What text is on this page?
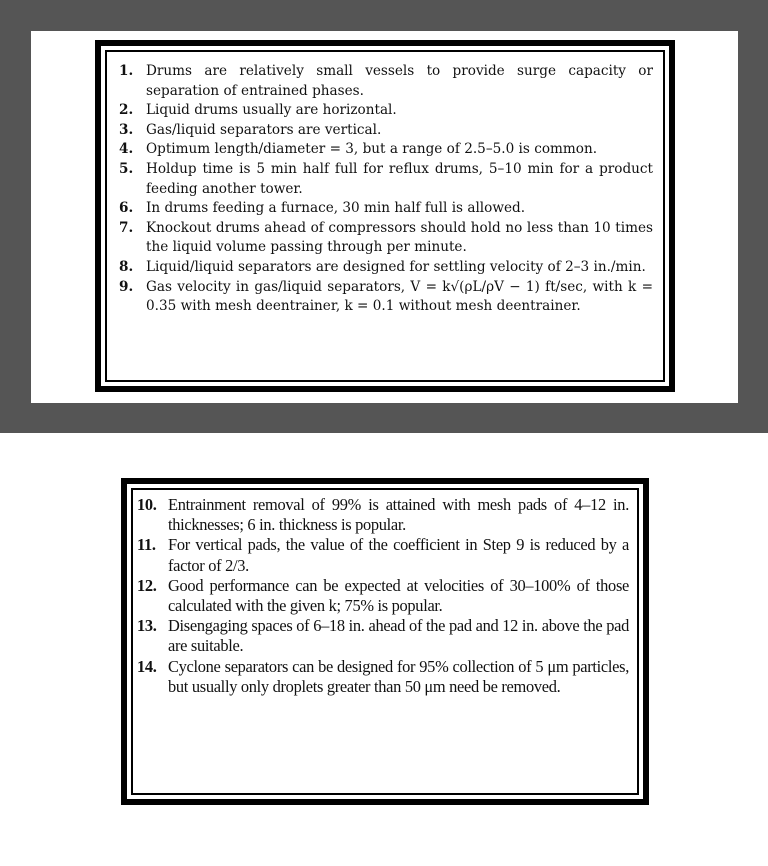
1. Drums are relatively small vessels to provide surge capacity or separation of entrained phases.
2. Liquid drums usually are horizontal.
3. Gas/liquid separators are vertical.
4. Optimum length/diameter = 3, but a range of 2.5–5.0 is common.
5. Holdup time is 5 min half full for reflux drums, 5–10 min for a product feeding another tower.
6. In drums feeding a furnace, 30 min half full is allowed.
7. Knockout drums ahead of compressors should hold no less than 10 times the liquid volume passing through per minute.
8. Liquid/liquid separators are designed for settling velocity of 2–3 in./min.
9. Gas velocity in gas/liquid separators, V = k√(ρL/ρV − 1) ft/sec, with k = 0.35 with mesh deentrainer, k = 0.1 without mesh deentrainer.
10. Entrainment removal of 99% is attained with mesh pads of 4–12 in. thicknesses; 6 in. thickness is popular.
11. For vertical pads, the value of the coefficient in Step 9 is reduced by a factor of 2/3.
12. Good performance can be expected at velocities of 30–100% of those calculated with the given k; 75% is popular.
13. Disengaging spaces of 6–18 in. ahead of the pad and 12 in. above the pad are suitable.
14. Cyclone separators can be designed for 95% collection of 5 μm particles, but usually only droplets greater than 50 μm need be removed.
